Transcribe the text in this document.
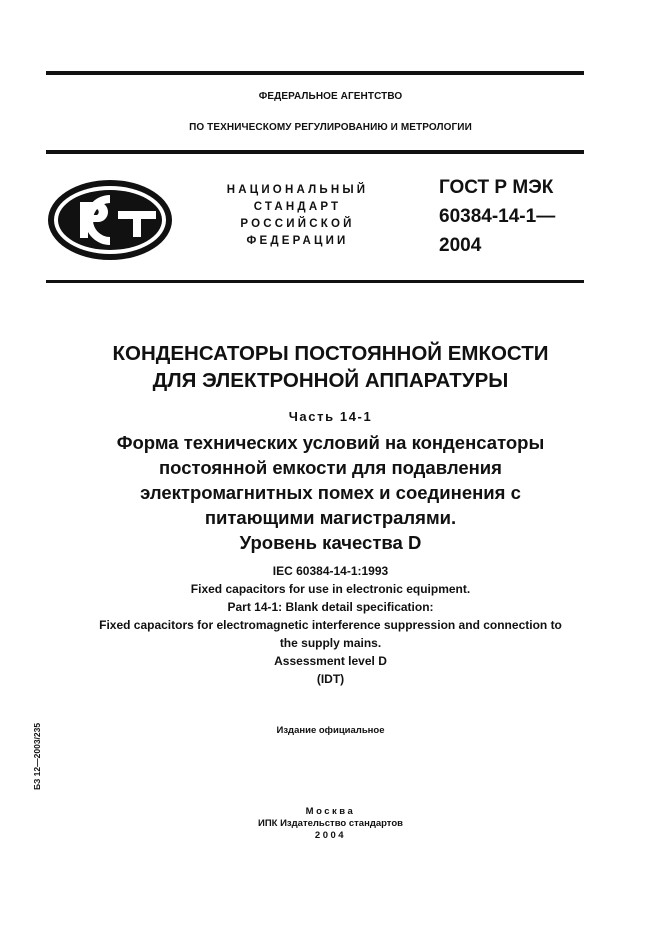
ФЕДЕРАЛЬНОЕ АГЕНТСТВО
ПО ТЕХНИЧЕСКОМУ РЕГУЛИРОВАНИЮ И МЕТРОЛОГИИ
НАЦИОНАЛЬНЫЙ
СТАНДАРТ
РОССИЙСКОЙ
ФЕДЕРАЦИИ
ГОСТ Р МЭК
60384-14-1—
2004
КОНДЕНСАТОРЫ ПОСТОЯННОЙ ЕМКОСТИ
ДЛЯ ЭЛЕКТРОННОЙ АППАРАТУРЫ
Часть 14-1
Форма технических условий на конденсаторы
постоянной емкости для подавления
электромагнитных помех и соединения с
питающими магистралями.
Уровень качества D
IEC 60384-14-1:1993
Fixed capacitors for use in electronic equipment.
Part 14-1: Blank detail specification:
Fixed capacitors for electromagnetic interference suppression and connection to
the supply mains.
Assessment level D
(IDT)
Издание официальное
БЗ 12—2003/235
Москва
ИПК Издательство стандартов
2004
